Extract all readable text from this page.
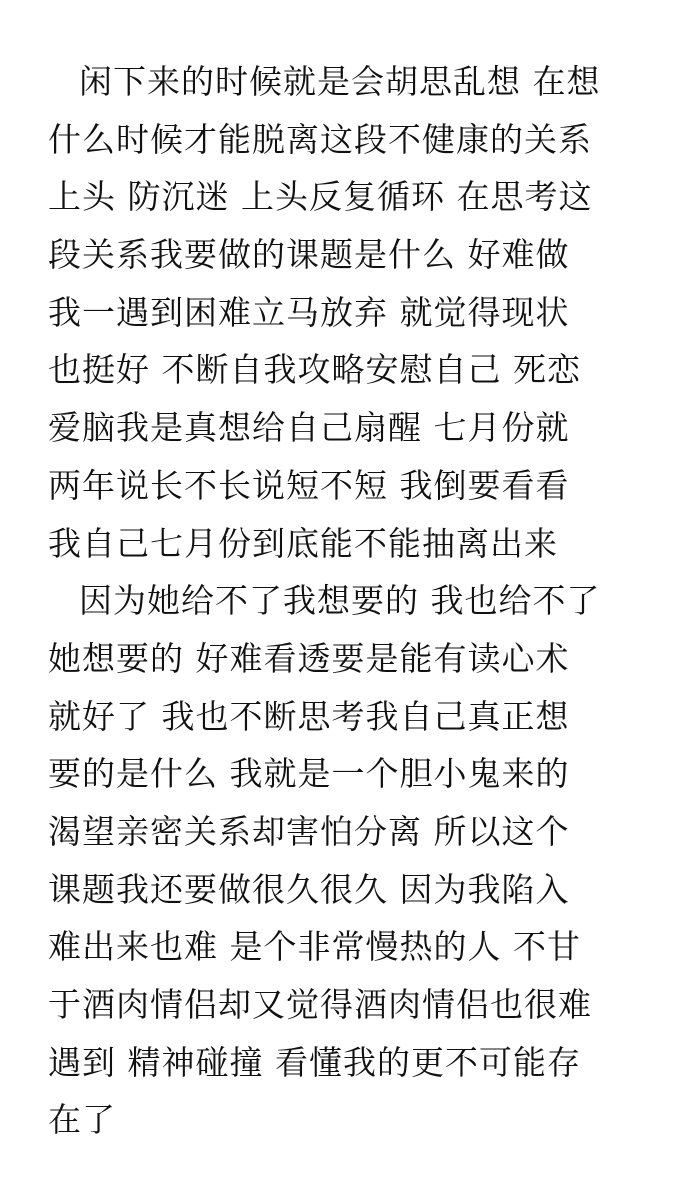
闲下来的时候就是会胡思乱想 在想
什么时候才能脱离这段不健康的关系
上头 防沉迷 上头反复循环 在思考这
段关系我要做的课题是什么 好难做
我一遇到困难立马放弃 就觉得现状
也挺好 不断自我攻略安慰自己 死恋
爱脑我是真想给自己扇醒 七月份就
两年说长不长说短不短 我倒要看看
我自己七月份到底能不能抽离出来
因为她给不了我想要的 我也给不了
她想要的 好难看透要是能有读心术
就好了 我也不断思考我自己真正想
要的是什么 我就是一个胆小鬼来的
渴望亲密关系却害怕分离 所以这个
课题我还要做很久很久 因为我陷入
难出来也难 是个非常慢热的人 不甘
于酒肉情侣却又觉得酒肉情侣也很难
遇到 精神碰撞 看懂我的更不可能存
在了
